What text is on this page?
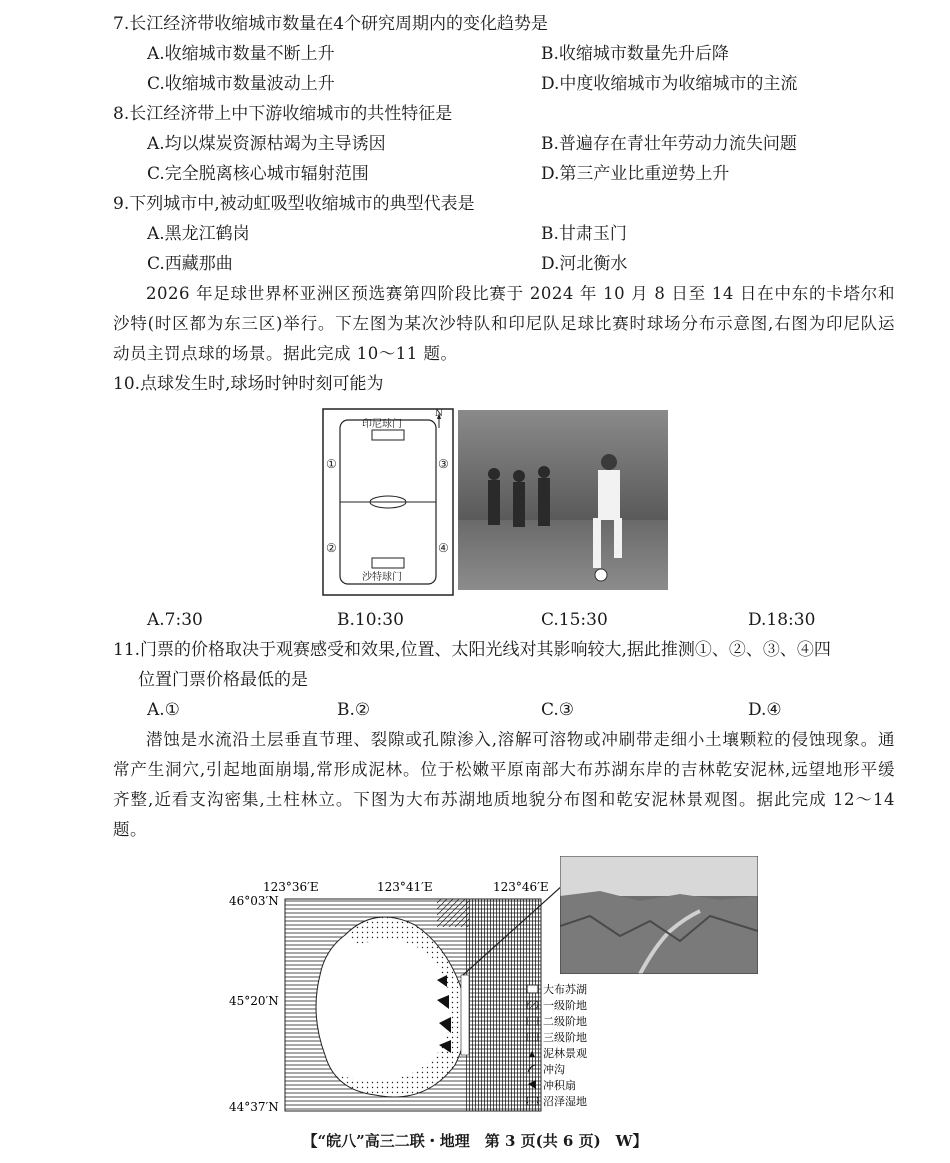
7.长江经济带收缩城市数量在4个研究周期内的变化趋势是
A.收缩城市数量不断上升	B.收缩城市数量先升后降
C.收缩城市数量波动上升	D.中度收缩城市为收缩城市的主流
8.长江经济带上中下游收缩城市的共性特征是
A.均以煤炭资源枯竭为主导诱因	B.普遍存在青壮年劳动力流失问题
C.完全脱离核心城市辐射范围	D.第三产业比重逆势上升
9.下列城市中,被动虹吸型收缩城市的典型代表是
A.黑龙江鹤岗	B.甘肃玉门
C.西藏那曲	D.河北衡水
2026 年足球世界杯亚洲区预选赛第四阶段比赛于 2024 年 10 月 8 日至 14 日在中东的卡塔尔和沙特(时区都为东三区)举行。下左图为某次沙特队和印尼队足球比赛时球场分布示意图,右图为印尼队运动员主罚点球的场景。据此完成 10～11 题。
10.点球发生时,球场时钟时刻可能为
印尼球门
沙特球门
N
①
②
③
④
A.7:30	B.10:30	C.15:30	D.18:30
11.门票的价格取决于观赛感受和效果,位置、太阳光线对其影响较大,据此推测①、②、③、④四
位置门票价格最低的是
A.①	B.②	C.③	D.④
潜蚀是水流沿土层垂直节理、裂隙或孔隙渗入,溶解可溶物或冲刷带走细小土壤颗粒的侵蚀现象。通常产生洞穴,引起地面崩塌,常形成泥林。位于松嫩平原南部大布苏湖东岸的吉林乾安泥林,远望地形平缓齐整,近看支沟密集,土柱林立。下图为大布苏湖地质地貌分布图和乾安泥林景观图。据此完成 12～14 题。
123°36′E	123°41′E	123°46′E
46°03′N
45°20′N
44°37′N
大布苏湖
一级阶地
二级阶地
三级阶地
泥林景观
冲沟
冲积扇
沼泽湿地
【“皖八”高三二联・地理　第 3 页(共 6 页)　W】
